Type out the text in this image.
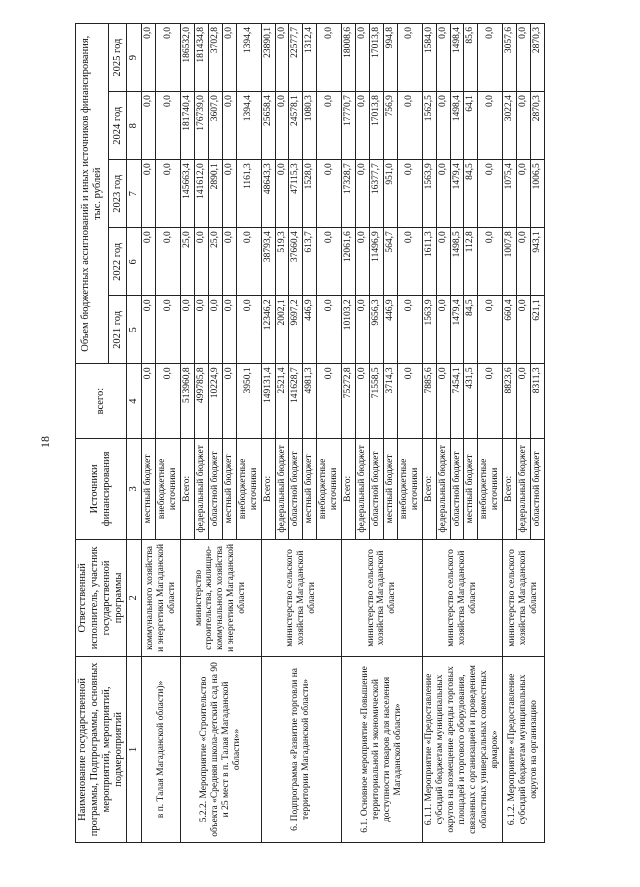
18
Наименование государственной программы, Подпрограммы, основных мероприятий, мероприятий, подмероприятий	Ответственный исполнитель, участник государственной программы	Источники финансирования	всего:	Объем бюджетных ассигнований и иных источников финансирования, тыс. рублей				
				2021 год	2022 год	2023 год	2024 год	2025 год
1	2	3	4	5	6	7	8	9
в п. Талая Магаданской области)»	коммунального хозяйства и энергетики Магаданской области	местный бюджет	0,0	0,0	0,0	0,0	0,0	0,0
		внебюджетные источники	0,0	0,0	0,0	0,0	0,0	0,0
5.2.2. Мероприятие «Строительство объекта «Средняя школа-детский сад на 90 и 25 мест в п. Талая Магаданской области»»	министерство строительства, жилищно-коммунального хозяйства и энергетики Магаданской области	Всего:	513960,8	0,0	25,0	145663,4	181740,4	186532,0
		федеральный бюджет	499785,8	0,0	0,0	141612,0	176739,0	181434,8
		областной бюджет	10224,9	0,0	25,0	2890,1	3607,0	3702,8
		местный бюджет	0,0	0,0	0,0	0,0	0,0	0,0
		внебюджетные источники	3950,1	0,0	0,0	1161,3	1394,4	1394,4
6. Подпрограмма «Развитие торговли на территории Магаданской области»	министерство сельского хозяйства Магаданской области	Всего:	149131,4	12346,2	38793,4	48643,3	25658,4	23890,1
		федеральный бюджет	2521,4	2002,1	519,3	0,0	0,0	0,0
		областной бюджет	141628,7	9697,2	37660,4	47115,3	24578,1	22577,7
		местный бюджет	4981,3	446,9	613,7	1528,0	1080,3	1312,4
		внебюджетные источники	0,0	0,0	0,0	0,0	0,0	0,0
6.1. Основное мероприятие «Повышение территориальной и экономической доступности товаров для населения Магаданской области»	министерство сельского хозяйства Магаданской области	Всего:	75272,8	10103,2	12061,6	17328,7	17770,7	18008,6
		федеральный бюджет	0,0	0,0	0,0	0,0	0,0	0,0
		областной бюджет	71558,5	9656,3	11496,9	16377,7	17013,8	17013,8
		местный бюджет	3714,3	446,9	564,7	951,0	756,9	994,8
		внебюджетные источники	0,0	0,0	0,0	0,0	0,0	0,0
6.1.1. Мероприятие «Предоставление субсидий бюджетам муниципальных округов на возмещение аренды торговых площадей и торгового оборудования, связанных с организацией и проведением областных универсальных совместных ярмарок»	министерство сельского хозяйства Магаданской области	Всего:	7885,6	1563,9	1611,3	1563,9	1562,5	1584,0
		федеральный бюджет	0,0	0,0	0,0	0,0	0,0	0,0
		областной бюджет	7454,1	1479,4	1498,5	1479,4	1498,4	1498,4
		местный бюджет	431,5	84,5	112,8	84,5	64,1	85,6
		внебюджетные источники	0,0	0,0	0,0	0,0	0,0	0,0
6.1.2. Мероприятие «Предоставление субсидий бюджетам муниципальных округов на организацию	министерство сельского хозяйства Магаданской области	Всего:	8823,6	660,4	1007,8	1075,4	3022,4	3057,6
		федеральный бюджет	0,0	0,0	0,0	0,0	0,0	0,0
		областной бюджет	8311,3	621,1	943,1	1006,5	2870,3	2870,3
